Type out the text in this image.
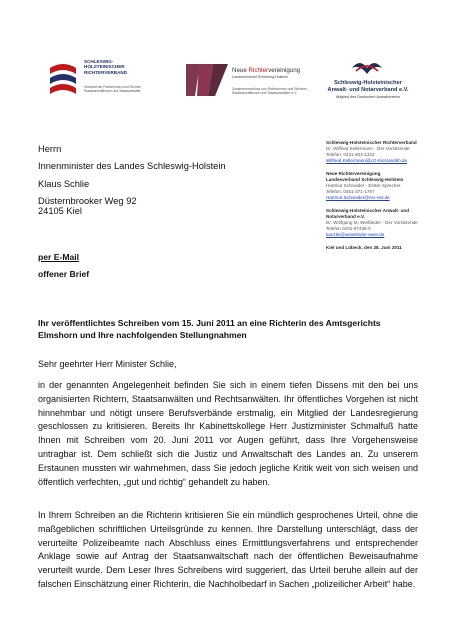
SCHLESWIG-
HOLSTEINISCHER
RICHTERVERBAND
Verband der Richterinnen und Richter,
Staatsanwältinnen und Staatsanwälte
Neue Richtervereinigung
Landesverband Schleswig-Holstein
Zusammenschluss von Richterinnen und Richtern,
Staatsanwältinnen und Staatsanwälten e.V.
Schleswig-Holsteinischer
Anwalt- und Notarverband e.V.
Mitglied des Deutschen Anwaltvereins
Schleswig-Holsteinischer Richterverband
Dr. Wilfried Kellermann · Der Vorsitzende
Telefon: 0431-604-1332
Wilfried.Kellermann@LG-Kiel.landsh.de
Neue Richtervereinigung
Landesverband Schleswig-Holstein
Hartmut Schneider · Erster Sprecher
Telefon: 0451-371-1787
Hartmut.Schneider@nrv-net.de
Schleswig-Holsteinischer Anwalt- und
Notarverband e.V.
Dr. Wolfgang M. Weißleder · Der Vorsitzende
Telefon 0431-97436-0
kanzlei@weissleder-ewer.de
Kiel und Lübeck, den 28. Juni 2011
Herrn
Innenminister des Landes Schleswig-Holstein
Klaus Schlie
Düsternbrooker Weg 92
24105 Kiel
per E-Mail
offener Brief
Ihr veröffentlichtes Schreiben vom 15. Juni 2011 an eine Richterin des Amtsgerichts Elmshorn und Ihre nachfolgenden Stellungnahmen
Sehr geehrter Herr Minister Schlie,
in der genannten Angelegenheit befinden Sie sich in einem tiefen Dissens mit den bei uns organisierten Richtern, Staatsanwälten und Rechtsanwälten. Ihr öffentliches Vorgehen ist nicht hinnehmbar und nötigt unsere Berufsverbände erstmalig, ein Mitglied der Landesregierung geschlossen zu kritisieren. Bereits Ihr Kabinettskollege Herr Justizminister Schmalfuß hatte Ihnen mit Schreiben vom 20. Juni 2011 vor Augen geführt, dass Ihre Vorgehensweise untragbar ist. Dem schließt sich die Justiz und Anwaltschaft des Landes an. Zu unserem Erstaunen mussten wir wahrnehmen, dass Sie jedoch jegliche Kritik weit von sich weisen und öffentlich verfechten, „gut und richtig“ gehandelt zu haben.
In Ihrem Schreiben an die Richterin kritisieren Sie ein mündlich gesprochenes Urteil, ohne die maßgeblichen schriftlichen Urteilsgründe zu kennen. Ihre Darstellung unterschlägt, dass der verurteilte Polizeibeamte nach Abschluss eines Ermittlungsverfahrens und entsprechender Anklage sowie auf Antrag der Staatsanwaltschaft nach der öffentlichen Beweisaufnahme verurteilt wurde. Dem Leser Ihres Schreibens wird suggeriert, das Urteil beruhe allein auf der falschen Einschätzung einer Richterin, die Nachholbedarf in Sachen „polizeilicher Arbeit“ habe.
